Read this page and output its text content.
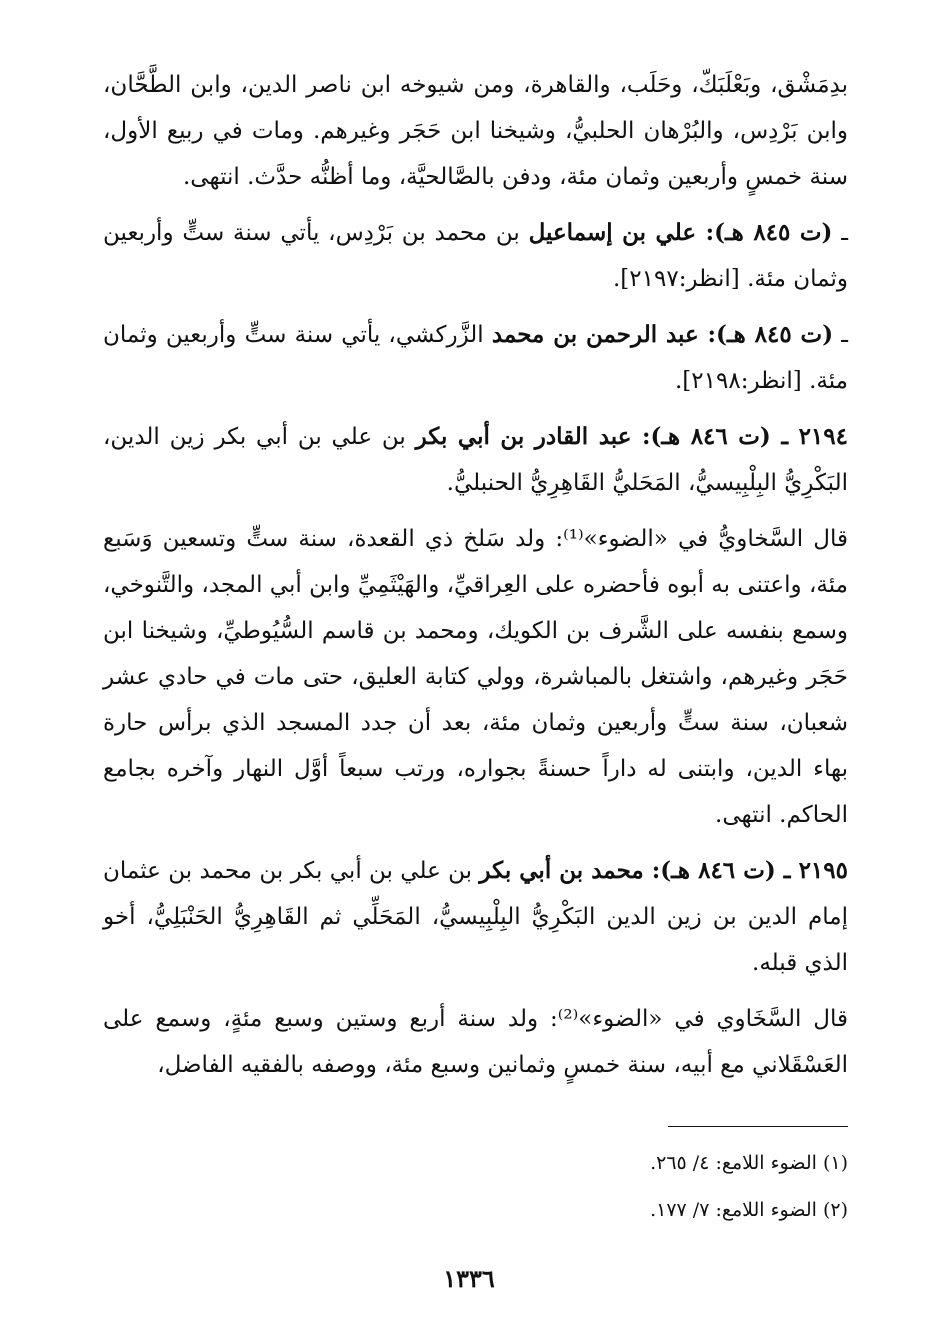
بدِمَشْق، وبَعْلَبَكّ، وحَلَب، والقاهرة، ومن شيوخه ابن ناصر الدين، وابن الطَّحَّان، وابن بَرْدِس، والبُرْهان الحلبيُّ، وشيخنا ابن حَجَر وغيرهم. ومات في ربيع الأول، سنة خمسٍ وأربعين وثمان مئة، ودفن بالصَّالحيَّة، وما أظنُّه حدَّث. انتهى.

ـ (ت ٨٤٥ هـ): علي بن إسماعيل بن محمد بن بَرْدِس، يأتي سنة ستٍّ وأربعين وثمان مئة. [انظر:٢١٩٧].

ـ (ت ٨٤٥ هـ): عبد الرحمن بن محمد الزَّركشي، يأتي سنة ستٍّ وأربعين وثمان مئة. [انظر:٢١٩٨].

٢١٩٤ ـ (ت ٨٤٦ هـ): عبد القادر بن أبي بكر بن علي بن أبي بكر زين الدين، البَكْرِيُّ البِلْبِيسيُّ، المَحَليُّ القَاهِرِيُّ الحنبليُّ.

قال السَّخاويُّ في «الضوء»⁽¹⁾: ولد سَلخ ذي القعدة، سنة ستٍّ وتسعين وَسَبع مئة، واعتنى به أبوه فأحضره على العِراقيِّ، والهَيْثَمِيِّ وابن أبي المجد، والتَّنوخي، وسمع بنفسه على الشَّرف بن الكويك، ومحمد بن قاسم السُّيُوطيِّ، وشيخنا ابن حَجَر وغيرهم، واشتغل بالمباشرة، وولي كتابة العليق، حتى مات في حادي عشر شعبان، سنة ستٍّ وأربعين وثمان مئة، بعد أن جدد المسجد الذي برأس حارة بهاء الدين، وابتنى له داراً حسنةً بجواره، ورتب سبعاً أوَّل النهار وآخره بجامع الحاكم. انتهى.

٢١٩٥ ـ (ت ٨٤٦ هـ): محمد بن أبي بكر بن علي بن أبي بكر بن محمد بن عثمان إمام الدين بن زين الدين البَكْرِيُّ البِلْبِيسيُّ، المَحَلِّي ثم القَاهِرِيُّ الحَنْبَلِيُّ، أخو الذي قبله.

قال السَّخَاوي في «الضوء»⁽²⁾: ولد سنة أربع وستين وسبع مئةٍ، وسمع على العَسْقَلاني مع أبيه، سنة خمسٍ وثمانين وسبع مئة، ووصفه بالفقيه الفاضل،

(١) الضوء اللامع: ٤/ ٢٦٥.
(٢) الضوء اللامع: ٧/ ١٧٧.
١٣٣٦
